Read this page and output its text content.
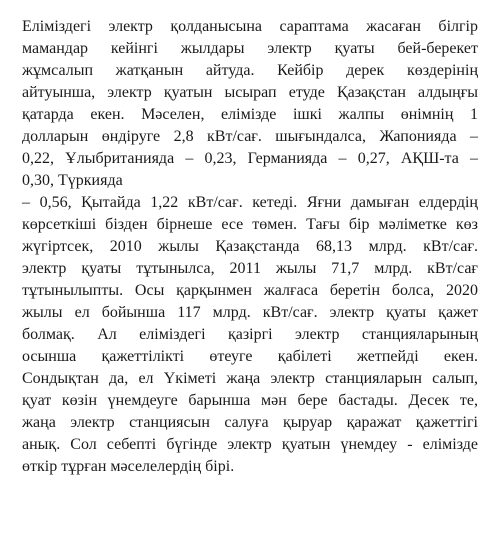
Еліміздегі электр қолданысына сараптама жасаған білгір
мамандар кейінгі жылдары электр қуаты бей-берекет
жұмсалып жатқанын айтуда. Кейбір дерек көздерінің
айтуынша, электр қуатын ысырап етуде Қазақстан алдыңғы
қатарда екен. Мәселен, елімізде ішкі жалпы өнімнің 1
долларын өндіруге 2,8 кВт/сағ. шығындалса, Жапонияда –
0,22, Ұлыбританияда – 0,23, Германияда – 0,27, АҚШ-та –
0,30, Түркияда
– 0,56, Қытайда 1,22 кВт/сағ. кетеді. Яғни дамыған елдердің
көрсеткіші бізден бірнеше есе төмен. Тағы бір мәліметке көз
жүгіртсек, 2010 жылы Қазақстанда 68,13 млрд. кВт/сағ.
электр қуаты тұтынылса, 2011 жылы 71,7 млрд. кВт/сағ
тұтынылыпты. Осы қарқынмен жалғаса беретін болса, 2020
жылы ел бойынша 117 млрд. кВт/сағ. электр қуаты қажет
болмақ. Ал еліміздегі қазіргі электр станцияларының
осынша қажеттілікті өтеуге қабілеті жетпейді екен.
Сондықтан да, ел Үкіметі жаңа электр станцияларын салып,
қуат көзін үнемдеуге барынша мән бере бастады. Десек те,
жаңа электр станциясын салуға қыруар қаражат қажеттігі
анық. Сол себепті бүгінде электр қуатын үнемдеу - елімізде
өткір тұрған мәселелердің бірі.
